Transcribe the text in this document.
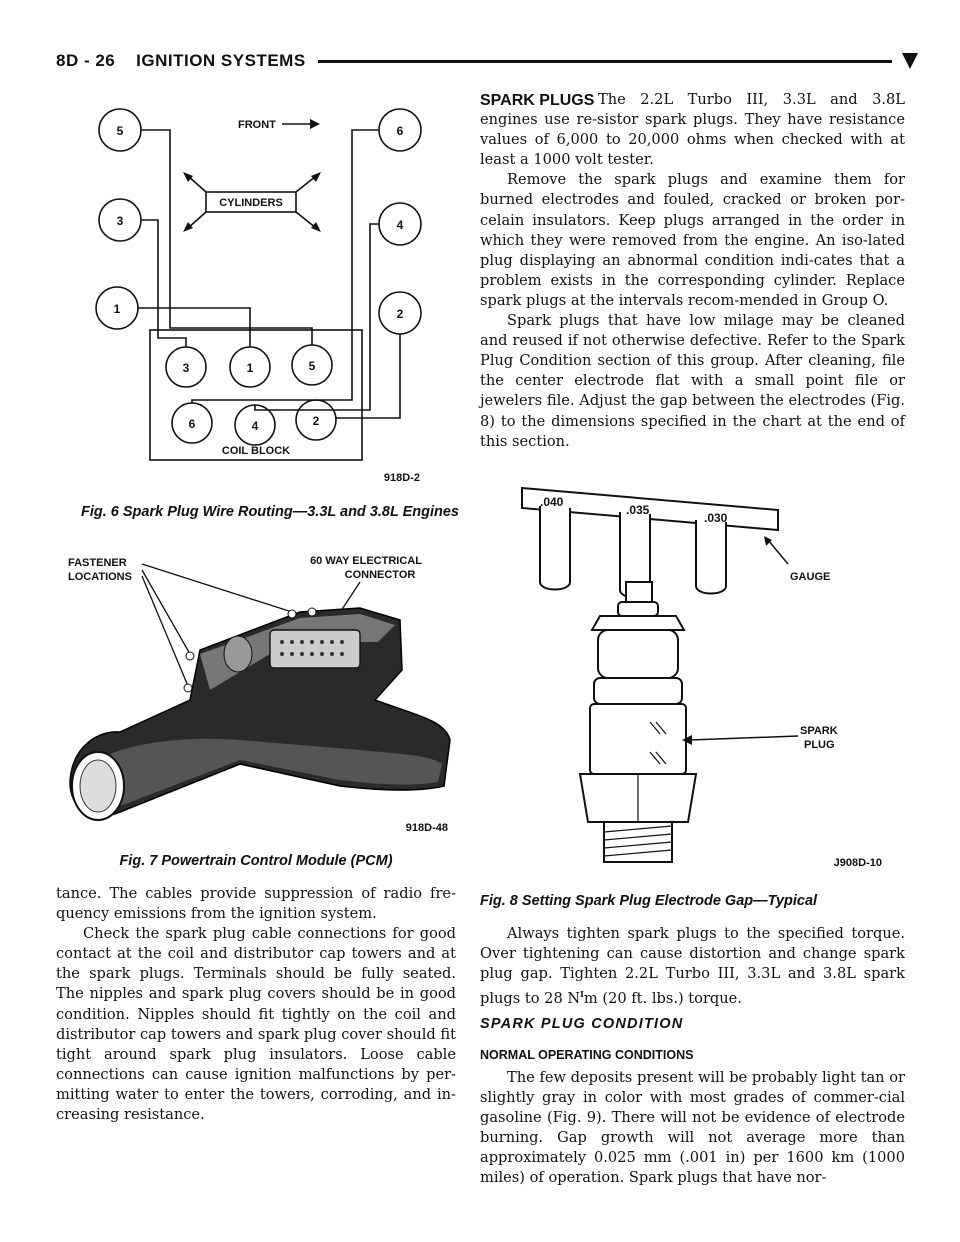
8D - 26    IGNITION SYSTEMS
5	6
3	4
1	2
3	1	5
6	4	2
FRONT
CYLINDERS
COIL BLOCK
918D-2
Fig. 6 Spark Plug Wire Routing—3.3L and 3.8L Engines
FASTENER
LOCATIONS
60 WAY ELECTRICAL
CONNECTOR
918D-48
Fig. 7 Powertrain Control Module (PCM)

tance. The cables provide suppression of radio fre-quency emissions from the ignition system.

Check the spark plug cable connections for good contact at the coil and distributor cap towers and at the spark plugs. Terminals should be fully seated. The nipples and spark plug covers should be in good condition. Nipples should fit tightly on the coil and distributor cap towers and spark plug cover should fit tight around spark plug insulators. Loose cable connections can cause ignition malfunctions by per-mitting water to enter the towers, corroding, and in-creasing resistance.

SPARK PLUGS The 2.2L Turbo III, 3.3L and 3.8L engines use re-sistor spark plugs. They have resistance values of 6,000 to 20,000 ohms when checked with at least a 1000 volt tester.

Remove the spark plugs and examine them for burned electrodes and fouled, cracked or broken por-celain insulators. Keep plugs arranged in the order in which they were removed from the engine. An iso-lated plug displaying an abnormal condition indi-cates that a problem exists in the corresponding cylinder. Replace spark plugs at the intervals recom-mended in Group O.

Spark plugs that have low milage may be cleaned and reused if not otherwise defective. Refer to the Spark Plug Condition section of this group. After cleaning, file the center electrode flat with a small point file or jewelers file. Adjust the gap between the electrodes (Fig. 8) to the dimensions specified in the chart at the end of this section.

.040
.035
.030
GAUGE
SPARK
PLUG
J908D-10
Fig. 8 Setting Spark Plug Electrode Gap—Typical

Always tighten spark plugs to the specified torque. Over tightening can cause distortion and change spark plug gap. Tighten 2.2L Turbo III, 3.3L and 3.8L spark plugs to 28 $N^Im$ (20 ft. lbs.) torque.

SPARK PLUG CONDITION
NORMAL OPERATING CONDITIONS

The few deposits present will be probably light tan or slightly gray in color with most grades of commer-cial gasoline (Fig. 9). There will not be evidence of electrode burning. Gap growth will not average more than approximately 0.025 mm (.001 in) per 1600 km (1000 miles) of operation. Spark plugs that have nor-
